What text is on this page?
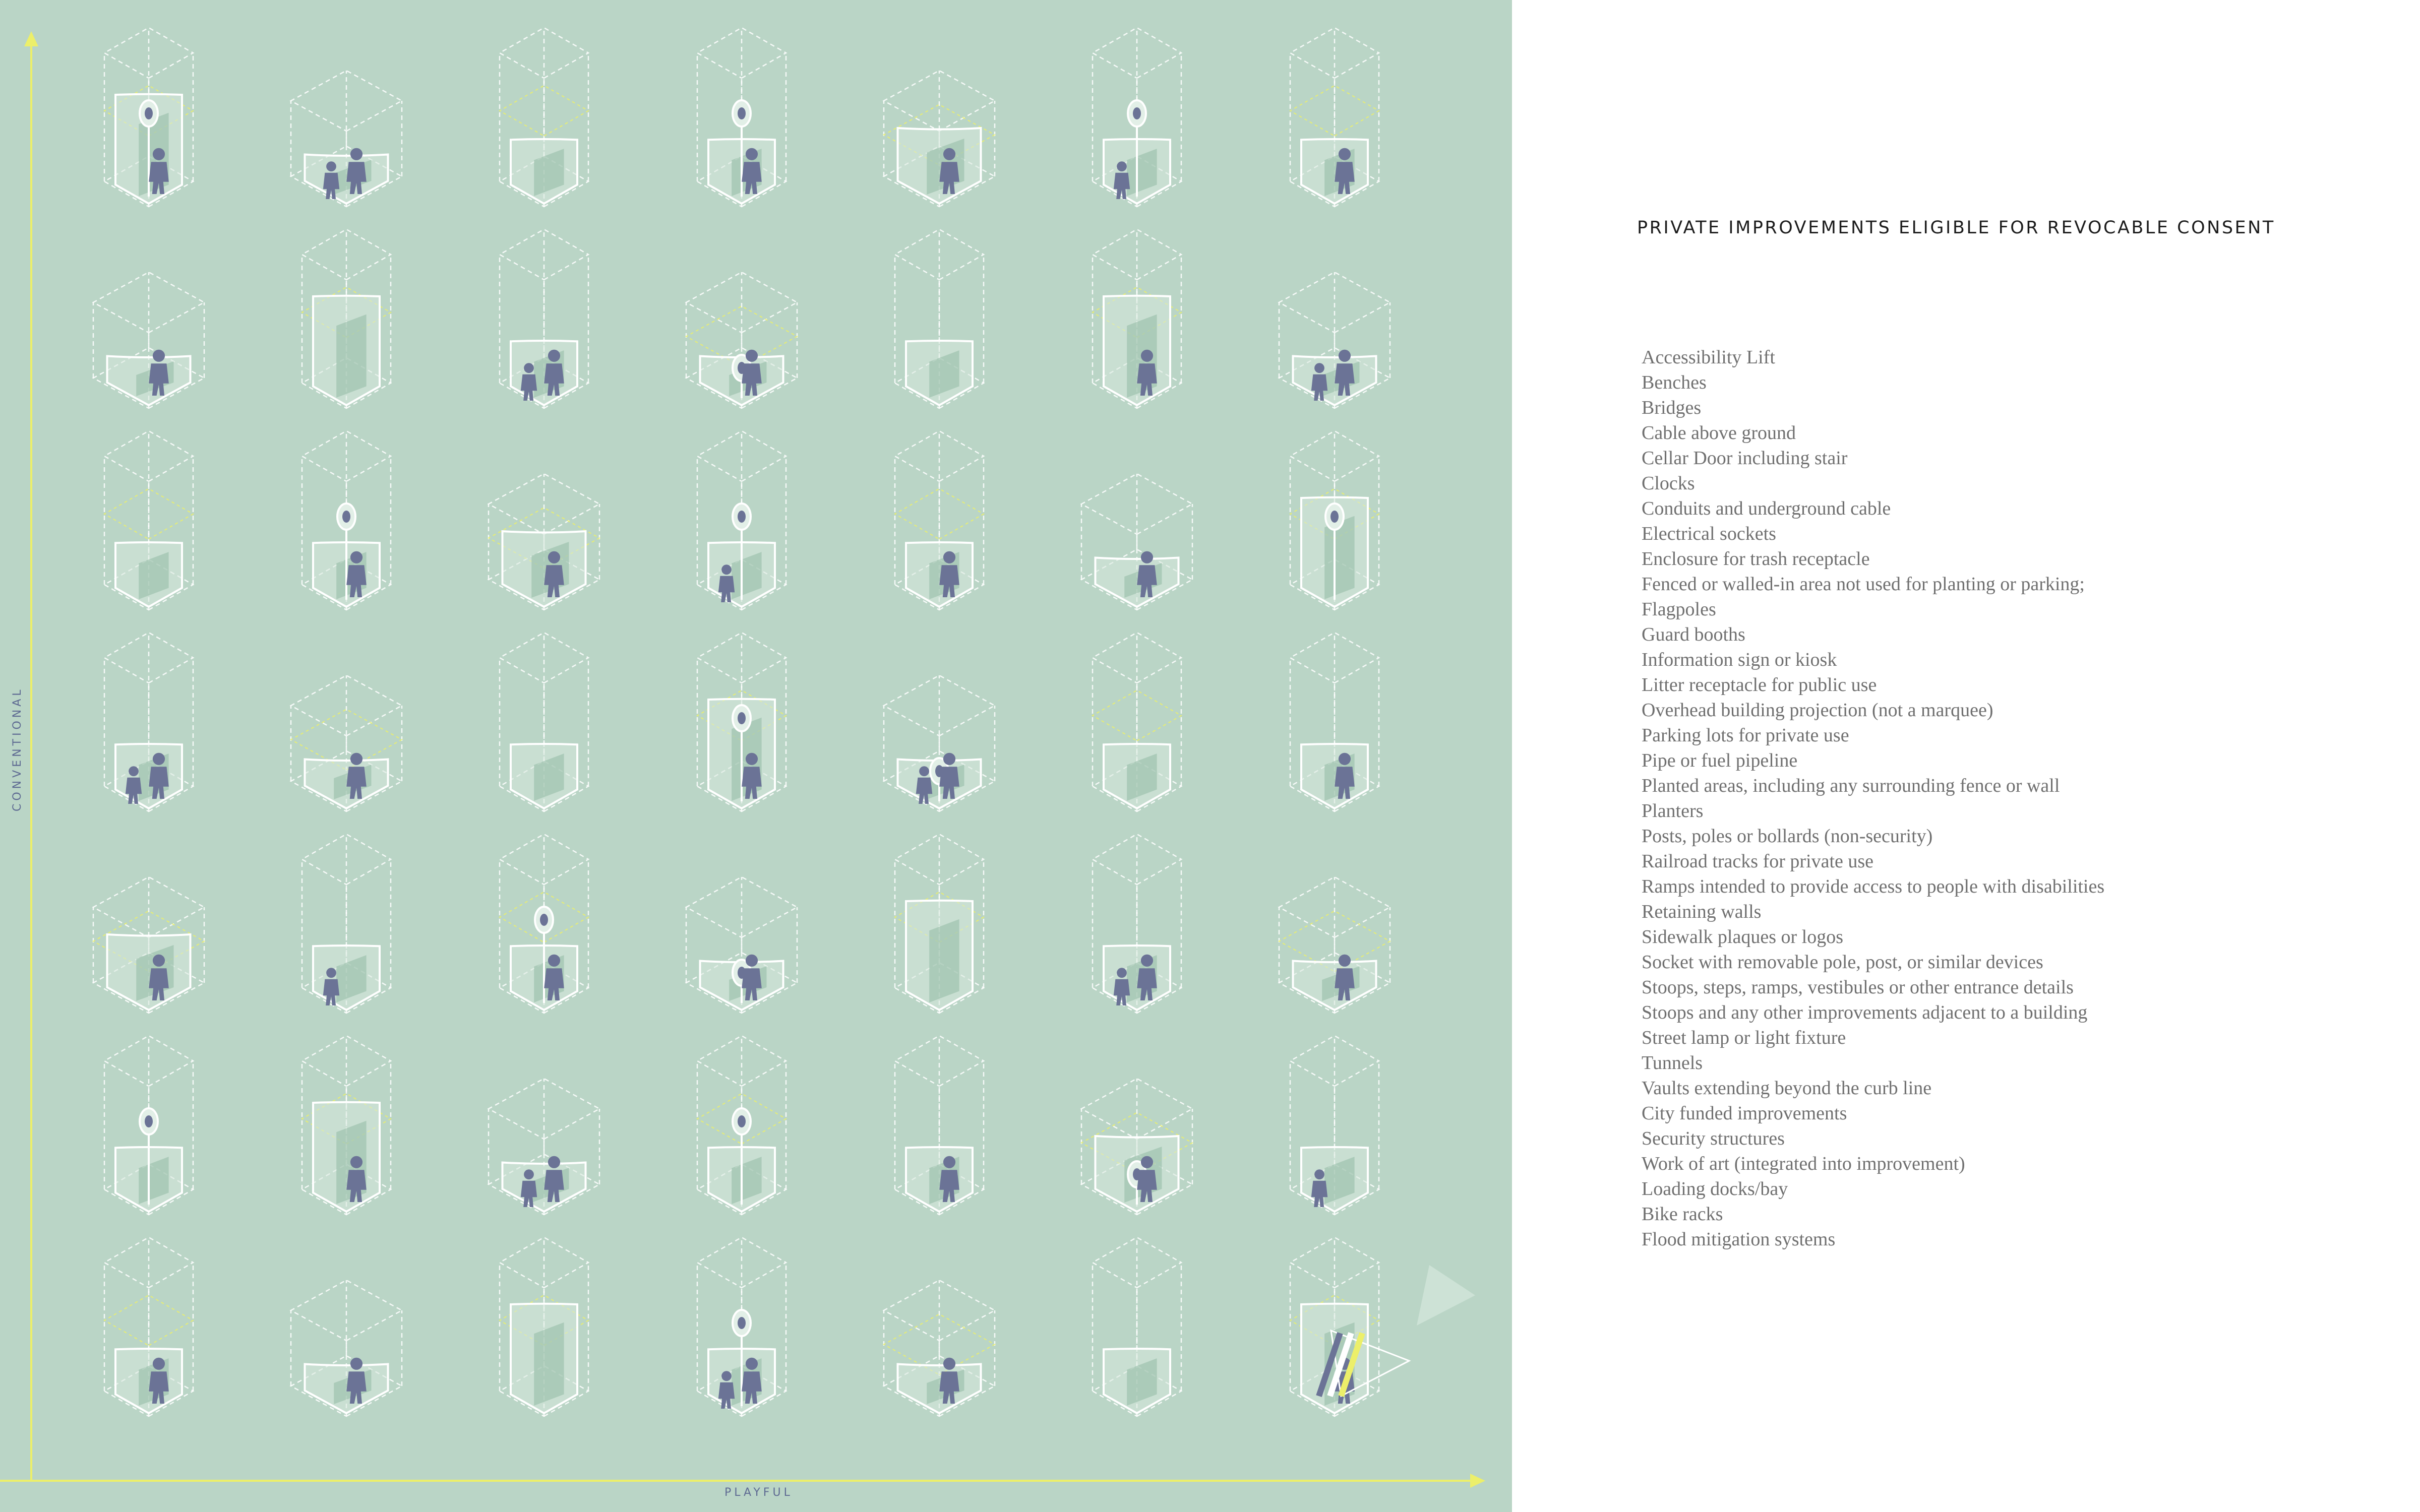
PLAYFUL
CONVENTIONAL
PRIVATE IMPROVEMENTS ELIGIBLE FOR REVOCABLE CONSENT
Accessibility Lift
Benches
Bridges
Cable above ground
Cellar Door including stair
Clocks
Conduits and underground cable
Electrical sockets
Enclosure for trash receptacle
Fenced or walled-in area not used for planting or parking;
Flagpoles
Guard booths
Information sign or kiosk
Litter receptacle for public use
Overhead building projection (not a marquee)
Parking lots for private use
Pipe or fuel pipeline
Planted areas, including any surrounding fence or wall
Planters
Posts, poles or bollards (non-security)
Railroad tracks for private use
Ramps intended to provide access to people with disabilities
Retaining walls
Sidewalk plaques or logos
Socket with removable pole, post, or similar devices
Stoops, steps, ramps, vestibules or other entrance details
Stoops and any other improvements adjacent to a building
Street lamp or light fixture
Tunnels
Vaults extending beyond the curb line
City funded improvements
Security structures
Work of art (integrated into improvement)
Loading docks/bay
Bike racks
Flood mitigation systems
